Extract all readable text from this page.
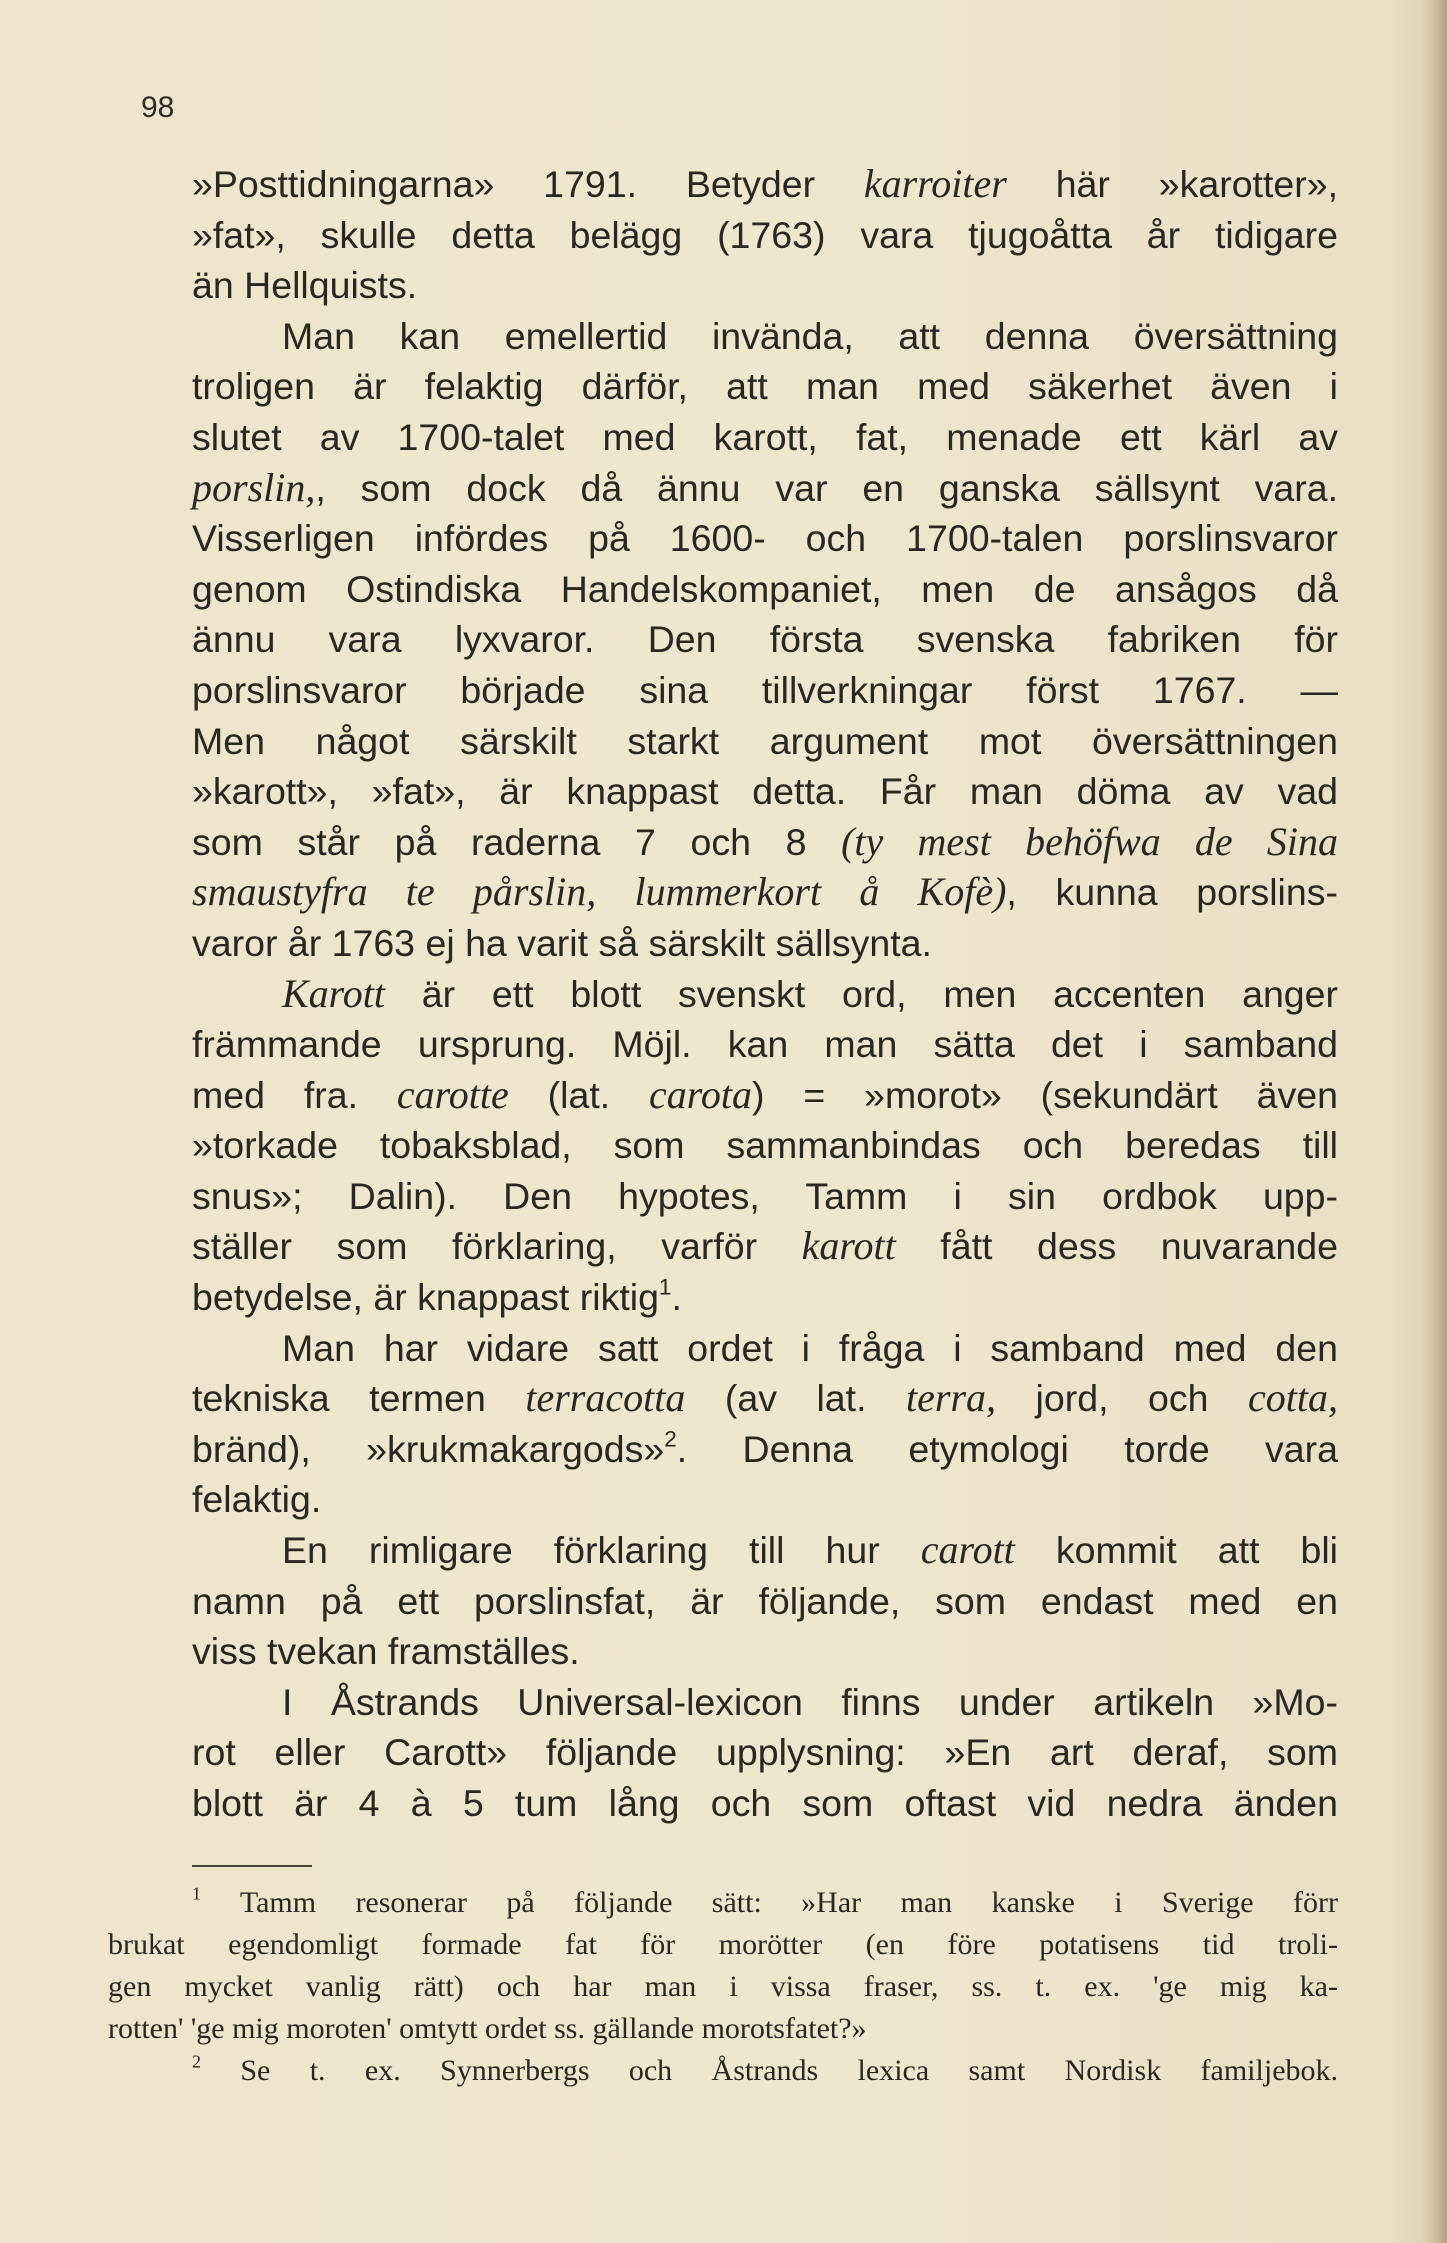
98
»Posttidningarna» 1791. Betyder karroiter här »karotter»,
»fat», skulle detta belägg (1763) vara tjugoåtta år tidigare
än Hellquists.
Man kan emellertid invända, att denna översättning
troligen är felaktig därför, att man med säkerhet även i
slutet av 1700-talet med karott, fat, menade ett kärl av
porslin,, som dock då ännu var en ganska sällsynt vara.
Visserligen infördes på 1600- och 1700-talen porslinsvaror
genom Ostindiska Handelskompaniet, men de ansågos då
ännu vara lyxvaror. Den första svenska fabriken för
porslinsvaror började sina tillverkningar först 1767. —
Men något särskilt starkt argument mot översättningen
»karott», »fat», är knappast detta. Får man döma av vad
som står på raderna 7 och 8 (ty mest behöfwa de Sina
smaustyfra te pårslin, lummerkort å Kofè), kunna porslins-
varor år 1763 ej ha varit så särskilt sällsynta.
Karott är ett blott svenskt ord, men accenten anger
främmande ursprung. Möjl. kan man sätta det i samband
med fra. carotte (lat. carota) = »morot» (sekundärt även
»torkade tobaksblad, som sammanbindas och beredas till
snus»; Dalin). Den hypotes, Tamm i sin ordbok upp-
ställer som förklaring, varför karott fått dess nuvarande
betydelse, är knappast riktig$^1$.
Man har vidare satt ordet i fråga i samband med den
tekniska termen terracotta (av lat. terra, jord, och cotta,
bränd), »krukmakargods»$^2$. Denna etymologi torde vara
felaktig.
En rimligare förklaring till hur carott kommit att bli
namn på ett porslinsfat, är följande, som endast med en
viss tvekan framställes.
I Åstrands Universal-lexicon finns under artikeln »Mo-
rot eller Carott» följande upplysning: »En art deraf, som
blott är 4 à 5 tum lång och som oftast vid nedra änden
$^1$ Tamm resonerar på följande sätt: »Har man kanske i Sverige förr
brukat egendomligt formade fat för morötter (en före potatisens tid troli-
gen mycket vanlig rätt) och har man i vissa fraser, ss. t. ex. 'ge mig ka-
rotten' 'ge mig moroten' omtytt ordet ss. gällande morotsfatet?»
$^2$ Se t. ex. Synnerbergs och Åstrands lexica samt Nordisk familjebok.
